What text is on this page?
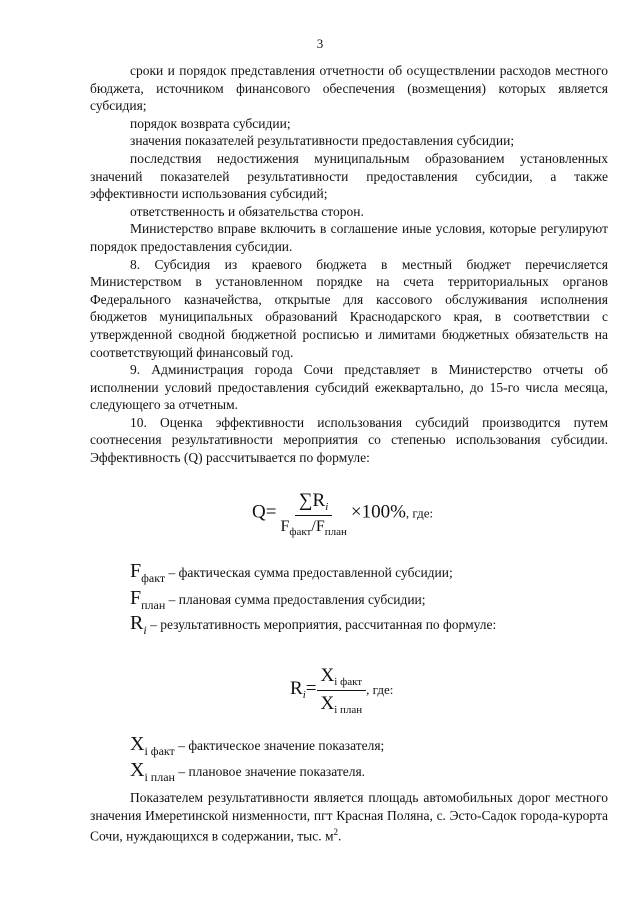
3

сроки и порядок представления отчетности об осуществлении расходов местного бюджета, источником финансового обеспечения (возмещения) которых является субсидия;

порядок возврата субсидии;

значения показателей результативности предоставления субсидии;

последствия недостижения муниципальным образованием установленных значений показателей результативности предоставления субсидии, а также эффективности использования субсидий;

ответственность и обязательства сторон.

Министерство вправе включить в соглашение иные условия, которые регулируют порядок предоставления субсидии.

8. Субсидия из краевого бюджета в местный бюджет перечисляется Министерством в установленном порядке на счета территориальных органов Федерального казначейства, открытые для кассового обслуживания исполнения бюджетов муниципальных образований Краснодарского края, в соответствии с утвержденной сводной бюджетной росписью и лимитами бюджетных обязательств на соответствующий финансовый год.

9. Администрация города Сочи представляет в Министерство отчеты об исполнении условий предоставления субсидий ежеквартально, до 15-го числа месяца, следующего за отчетным.

10. Оценка эффективности использования субсидий производится путем соотнесения результативности мероприятия со степенью использования субсидии. Эффективность (Q) рассчитывается по формуле:

$Q= \frac{\sum R_i}{F_{факт}/F_{план}} \times 100\%$, где:
$F_{факт}$ – фактическая сумма предоставленной субсидии;
$F_{план}$ – плановая сумма предоставления субсидии;
$R_i$ – результативность мероприятия, рассчитанная по формуле:
$R_i= \frac{X_{i факт}}{X_{i план}}$ , где:
$X_{i факт}$ – фактическое значение показателя;
$X_{i план}$ – плановое значение показателя.

Показателем результативности является площадь автомобильных дорог местного значения Имеретинской низменности, пгт Красная Поляна, с. Эсто-Садок города-курорта Сочи, нуждающихся в содержании, тыс. $м^2$.
